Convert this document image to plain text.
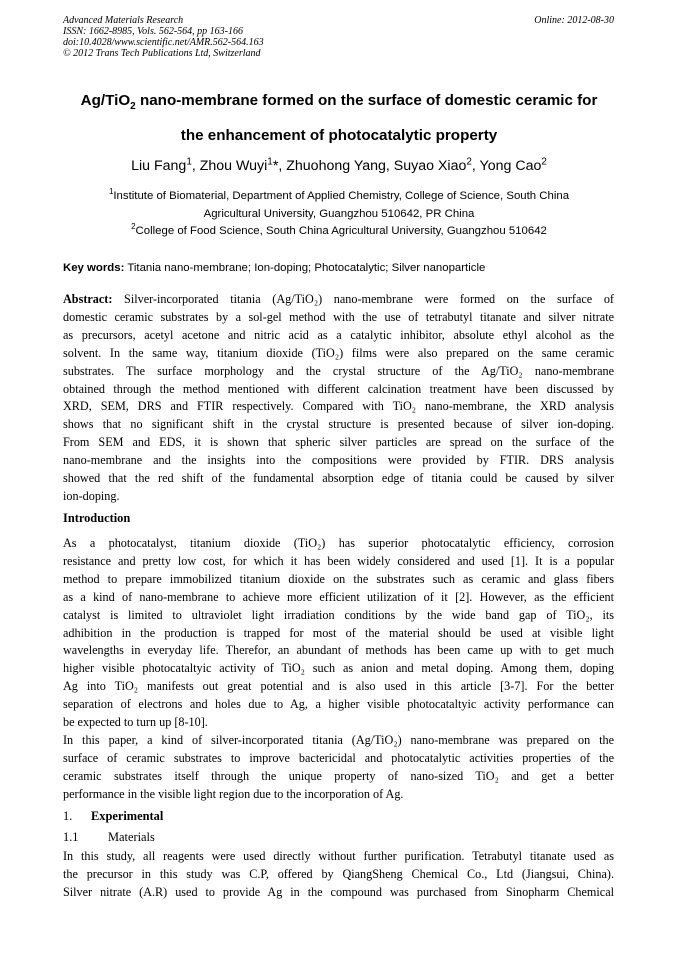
Advanced Materials Research
ISSN: 1662-8985, Vols. 562-564, pp 163-166
doi:10.4028/www.scientific.net/AMR.562-564.163
© 2012 Trans Tech Publications Ltd, Switzerland
Online: 2012-08-30
Ag/TiO$_2$ nano-membrane formed on the surface of domestic ceramic for
the enhancement of photocatalytic property
Liu Fang$^1$, Zhou Wuyi$^1$*, Zhuohong Yang, Suyao Xiao$^2$, Yong Cao$^2$
$^1$Institute of Biomaterial, Department of Applied Chemistry, College of Science, South China
Agricultural University, Guangzhou 510642, PR China
$^2$College of Food Science, South China Agricultural University, Guangzhou 510642
Key words: Titania nano-membrane; Ion-doping; Photocatalytic; Silver nanoparticle
Abstract: Silver-incorporated titania (Ag/TiO₂) nano-membrane were formed on the surface of
domestic ceramic substrates by a sol-gel method with the use of tetrabutyl titanate and silver nitrate
as precursors, acetyl acetone and nitric acid as a catalytic inhibitor, absolute ethyl alcohol as the
solvent. In the same way, titanium dioxide (TiO₂) films were also prepared on the same ceramic
substrates. The surface morphology and the crystal structure of the Ag/TiO₂ nano-membrane
obtained through the method mentioned with different calcination treatment have been discussed by
XRD, SEM, DRS and FTIR respectively. Compared with TiO₂ nano-membrane, the XRD analysis
shows that no significant shift in the crystal structure is presented because of silver ion-doping.
From SEM and EDS, it is shown that spheric silver particles are spread on the surface of the
nano-membrane and the insights into the compositions were provided by FTIR. DRS analysis
showed that the red shift of the fundamental absorption edge of titania could be caused by silver
ion-doping.
Introduction
As a photocatalyst, titanium dioxide (TiO₂) has superior photocatalytic efficiency, corrosion
resistance and pretty low cost, for which it has been widely considered and used [1]. It is a popular
method to prepare immobilized titanium dioxide on the substrates such as ceramic and glass fibers
as a kind of nano-membrane to achieve more efficient utilization of it [2]. However, as the efficient
catalyst is limited to ultraviolet light irradiation conditions by the wide band gap of TiO₂, its
adhibition in the production is trapped for most of the material should be used at visible light
wavelengths in everyday life. Therefor, an abundant of methods has been came up with to get much
higher visible photocataltyic activity of TiO₂ such as anion and metal doping. Among them, doping
Ag into TiO₂ manifests out great potential and is also used in this article [3-7]. For the better
separation of electrons and holes due to Ag, a higher visible photocataltyic activity performance can
be expected to turn up [8-10].
In this paper, a kind of silver-incorporated titania (Ag/TiO₂) nano-membrane was prepared on the
surface of ceramic substrates to improve bactericidal and photocatalytic activities properties of the
ceramic substrates itself through the unique property of nano-sized TiO₂ and get a better
performance in the visible light region due to the incorporation of Ag.
1. Experimental
1.1 Materials
In this study, all reagents were used directly without further purification. Tetrabutyl titanate used as
the precursor in this study was C.P, offered by QiangSheng Chemical Co., Ltd (Jiangsui, China).
Silver nitrate (A.R) used to provide Ag in the compound was purchased from Sinopharm Chemical
